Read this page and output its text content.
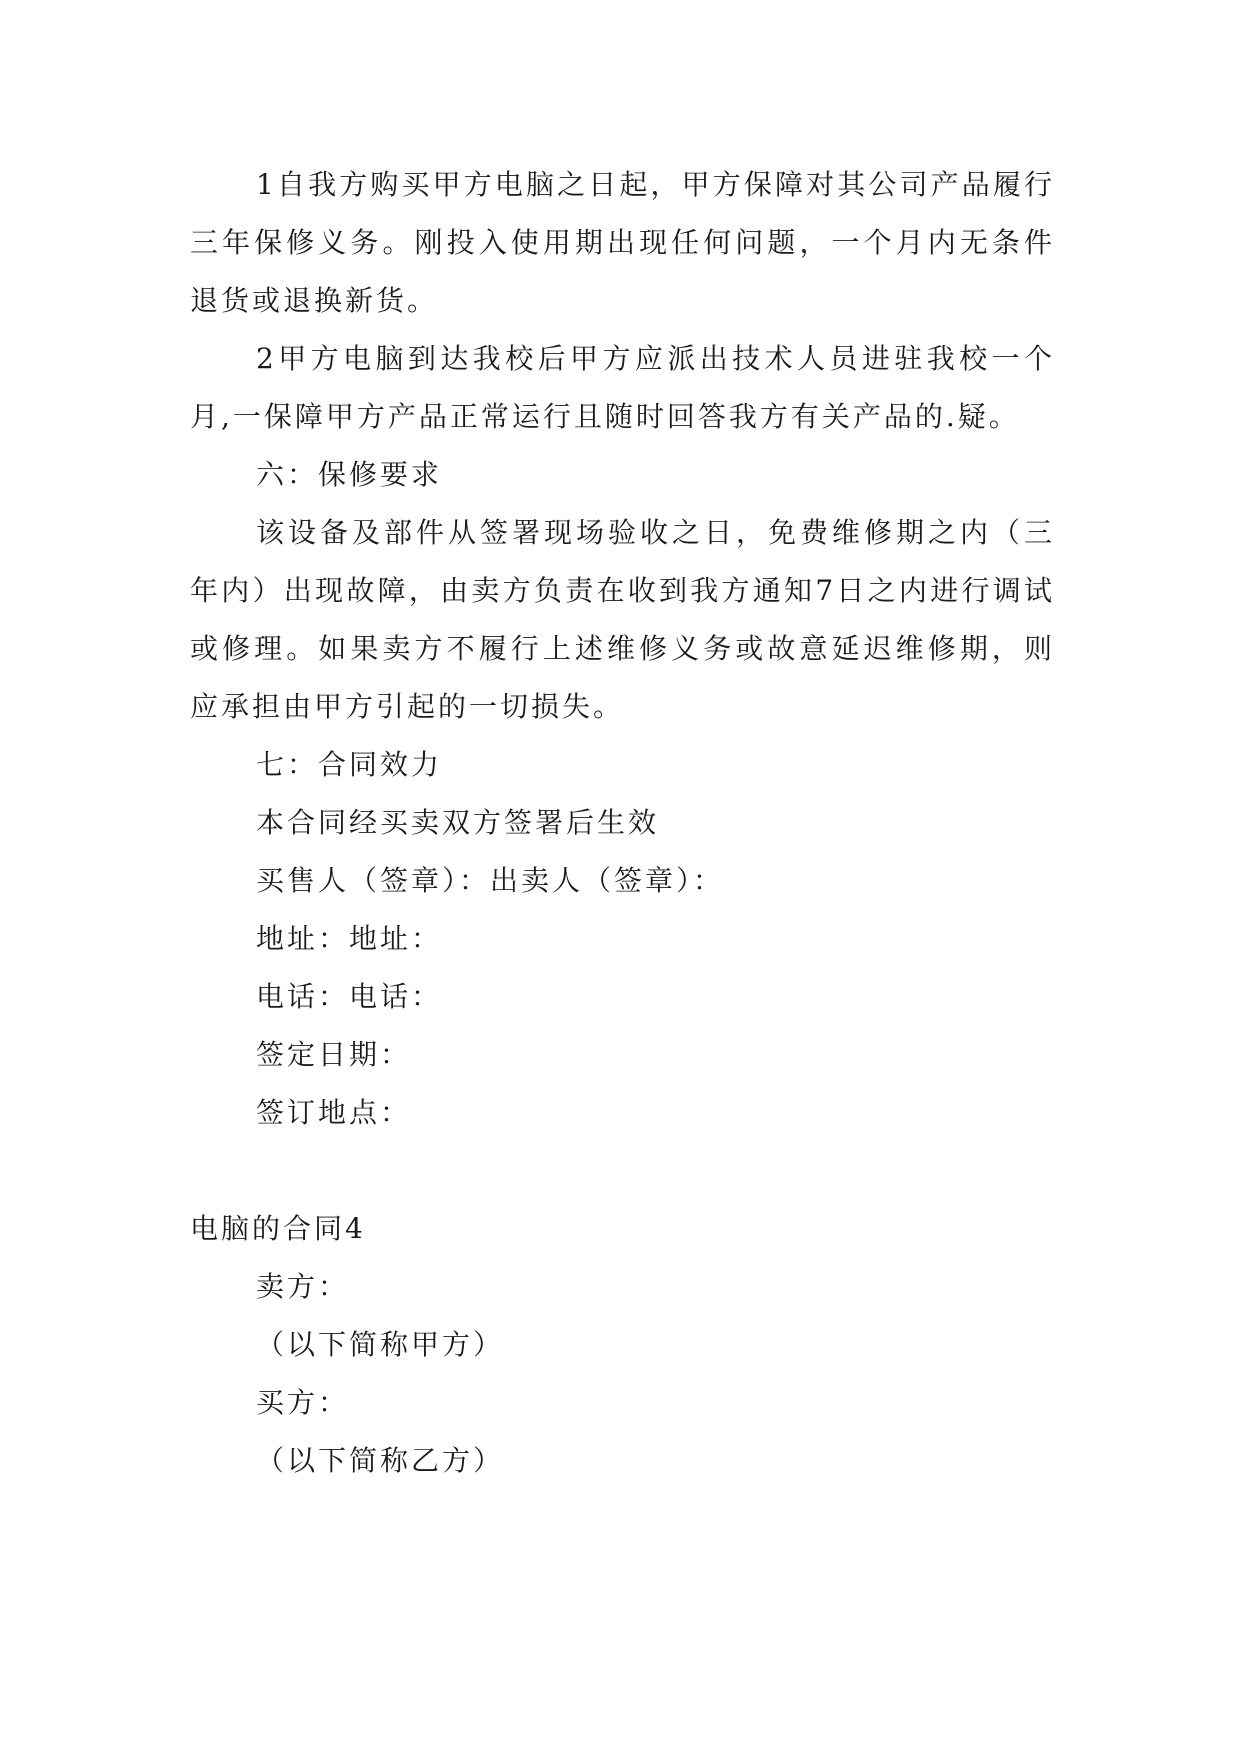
1自我方购买甲方电脑之日起，甲方保障对其公司产品履行三年保修义务。刚投入使用期出现任何问题，一个月内无条件退货或退换新货。

2甲方电脑到达我校后甲方应派出技术人员进驻我校一个月,一保障甲方产品正常运行且随时回答我方有关产品的.疑。

六：保修要求

该设备及部件从签署现场验收之日，免费维修期之内（三年内）出现故障，由卖方负责在收到我方通知7日之内进行调试或修理。如果卖方不履行上述维修义务或故意延迟维修期，则应承担由甲方引起的一切损失。

七：合同效力
本合同经买卖双方签署后生效
买售人（签章）：出卖人（签章）：
地址：地址：
电话：电话：
签定日期：
签订地点：
电脑的合同4
卖方：
（以下简称甲方）
买方：
（以下简称乙方）
